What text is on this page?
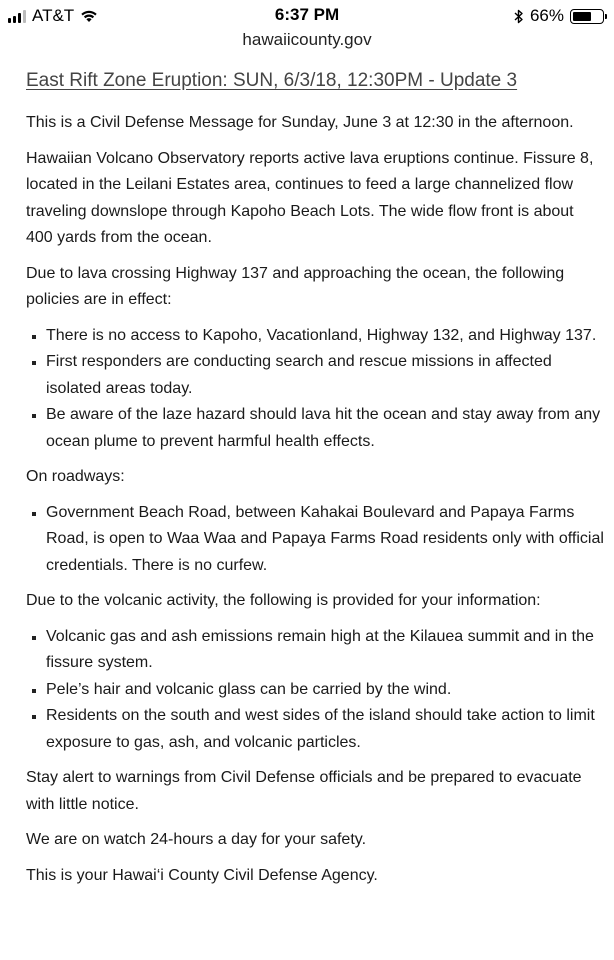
AT&T	6:37 PM	66%
hawaiicounty.gov
East Rift Zone Eruption: SUN, 6/3/18, 12:30PM - Update 3

This is a Civil Defense Message for Sunday, June 3 at 12:30 in the afternoon.

Hawaiian Volcano Observatory reports active lava eruptions continue. Fissure 8, located in the Leilani Estates area, continues to feed a large channelized flow traveling downslope through Kapoho Beach Lots. The wide flow front is about 400 yards from the ocean.

Due to lava crossing Highway 137 and approaching the ocean, the following policies are in effect:

There is no access to Kapoho, Vacationland, Highway 132, and Highway 137.
First responders are conducting search and rescue missions in affected isolated areas today.
Be aware of the laze hazard should lava hit the ocean and stay away from any ocean plume to prevent harmful health effects.

On roadways:

Government Beach Road, between Kahakai Boulevard and Papaya Farms Road, is open to Waa Waa and Papaya Farms Road residents only with official credentials. There is no curfew.

Due to the volcanic activity, the following is provided for your information:

Volcanic gas and ash emissions remain high at the Kilauea summit and in the fissure system.
Pele’s hair and volcanic glass can be carried by the wind.
Residents on the south and west sides of the island should take action to limit exposure to gas, ash, and volcanic particles.

Stay alert to warnings from Civil Defense officials and be prepared to evacuate with little notice.

We are on watch 24-hours a day for your safety.

This is your Hawai‘i County Civil Defense Agency.
